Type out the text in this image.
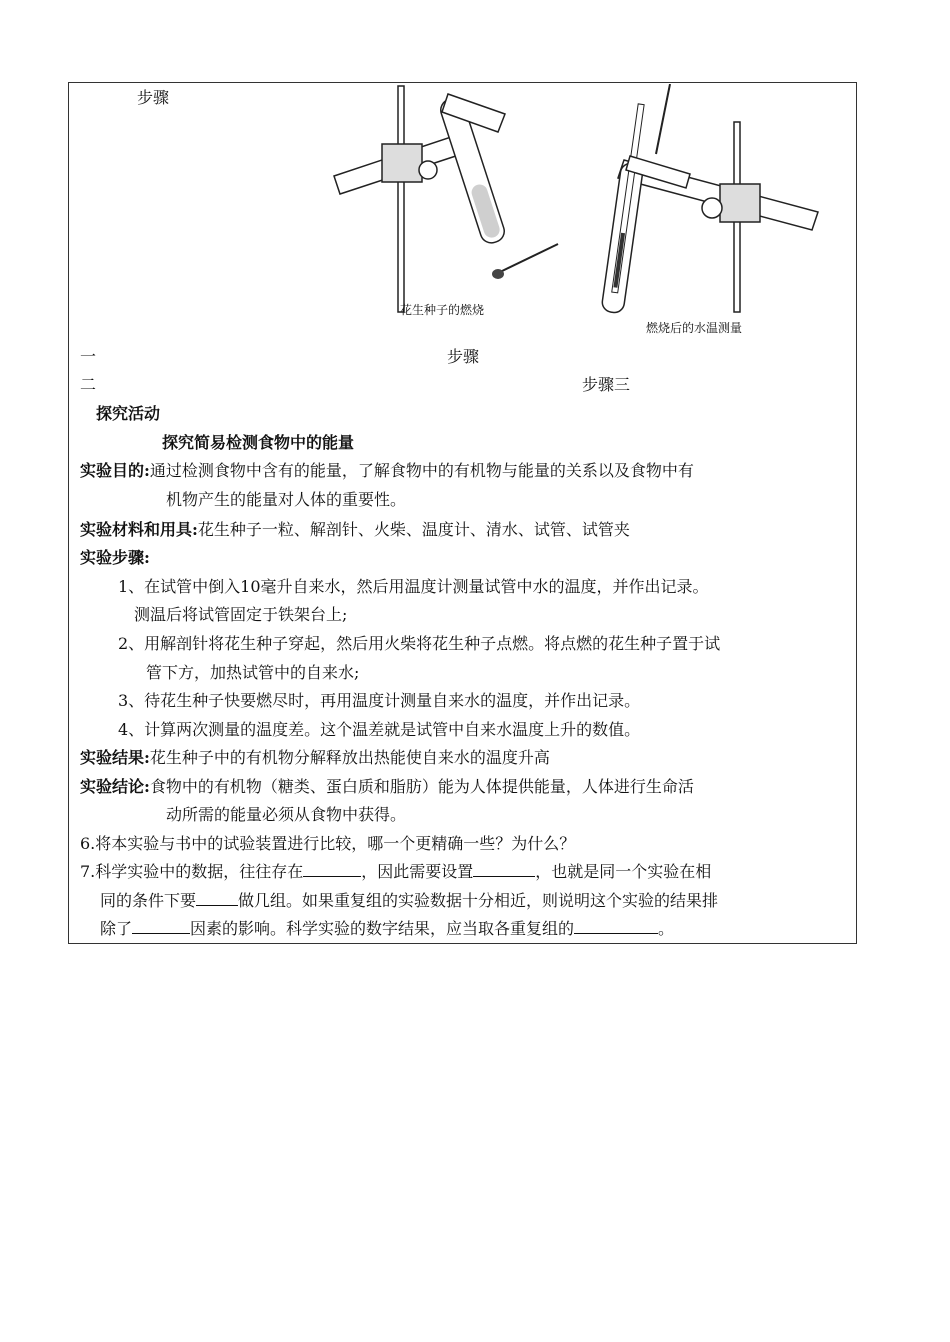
步骤
花生种子的燃烧
燃烧后的水温测量
一	步骤
二	步骤三
探究活动
探究简易检测食物中的能量
实验目的:通过检测食物中含有的能量，了解食物中的有机物与能量的关系以及食物中有
机物产生的能量对人体的重要性。
实验材料和用具:花生种子一粒、解剖针、火柴、温度计、清水、试管、试管夹
实验步骤:
1、在试管中倒入10毫升自来水，然后用温度计测量试管中水的温度，并作出记录。
测温后将试管固定于铁架台上;
2、用解剖针将花生种子穿起，然后用火柴将花生种子点燃。将点燃的花生种子置于试
管下方，加热试管中的自来水;
3、待花生种子快要燃尽时，再用温度计测量自来水的温度，并作出记录。
4、计算两次测量的温度差。这个温差就是试管中自来水温度上升的数值。
实验结果:花生种子中的有机物分解释放出热能使自来水的温度升高
实验结论:食物中的有机物（糖类、蛋白质和脂肪）能为人体提供能量，人体进行生命活
动所需的能量必须从食物中获得。
6.将本实验与书中的试验装置进行比较，哪一个更精确一些？为什么？
7.科学实验中的数据，往往存在	，因此需要设置	，也就是同一个实验在相
同的条件下要	做几组。如果重复组的实验数据十分相近，则说明这个实验的结果排
除了	因素的影响。科学实验的数字结果，应当取各重复组的	。
